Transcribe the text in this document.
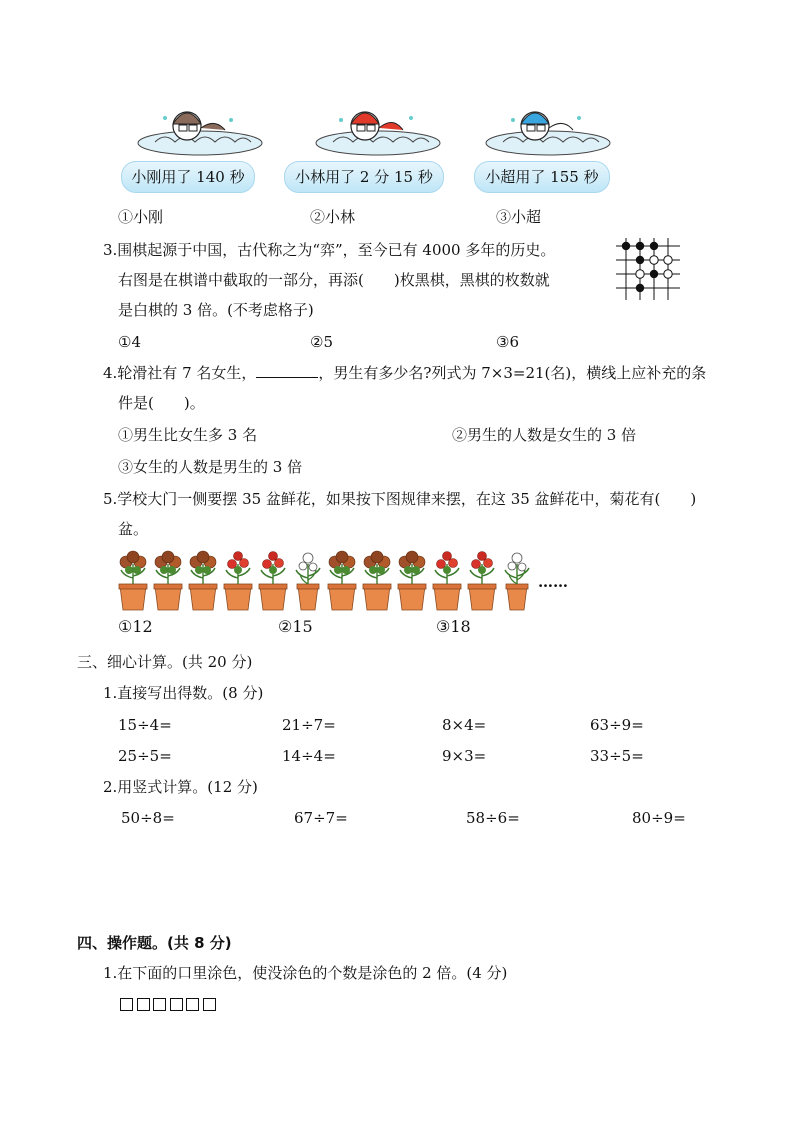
小刚用了 140 秒	小林用了 2 分 15 秒	小超用了 155 秒
①小刚	②小林	③小超
3.围棋起源于中国，古代称之为“弈”，至今已有 4000 多年的历史。
右图是在棋谱中截取的一部分，再添(　　)枚黑棋，黑棋的枚数就
是白棋的 3 倍。(不考虑格子)
①4	②5	③6
4.轮滑社有 7 名女生，	，男生有多少名?列式为 7×3=21(名)，横线上应补充的条
件是(　　)。
①男生比女生多 3 名	②男生的人数是女生的 3 倍
③女生的人数是男生的 3 倍
5.学校大门一侧要摆 35 盆鲜花，如果按下图规律来摆，在这 35 盆鲜花中，菊花有(　　)
盆。
……
①12	②15	③18
三、细心计算。(共 20 分)
1.直接写出得数。(8 分)
15÷4=	21÷7=	8×4=	63÷9=
25÷5=	14÷4=	9×3=	33÷5=
2.用竖式计算。(12 分)
50÷8=	67÷7=	58÷6=	80÷9=
四、操作题。(共 8 分)
1.在下面的口里涂色，使没涂色的个数是涂色的 2 倍。(4 分)
